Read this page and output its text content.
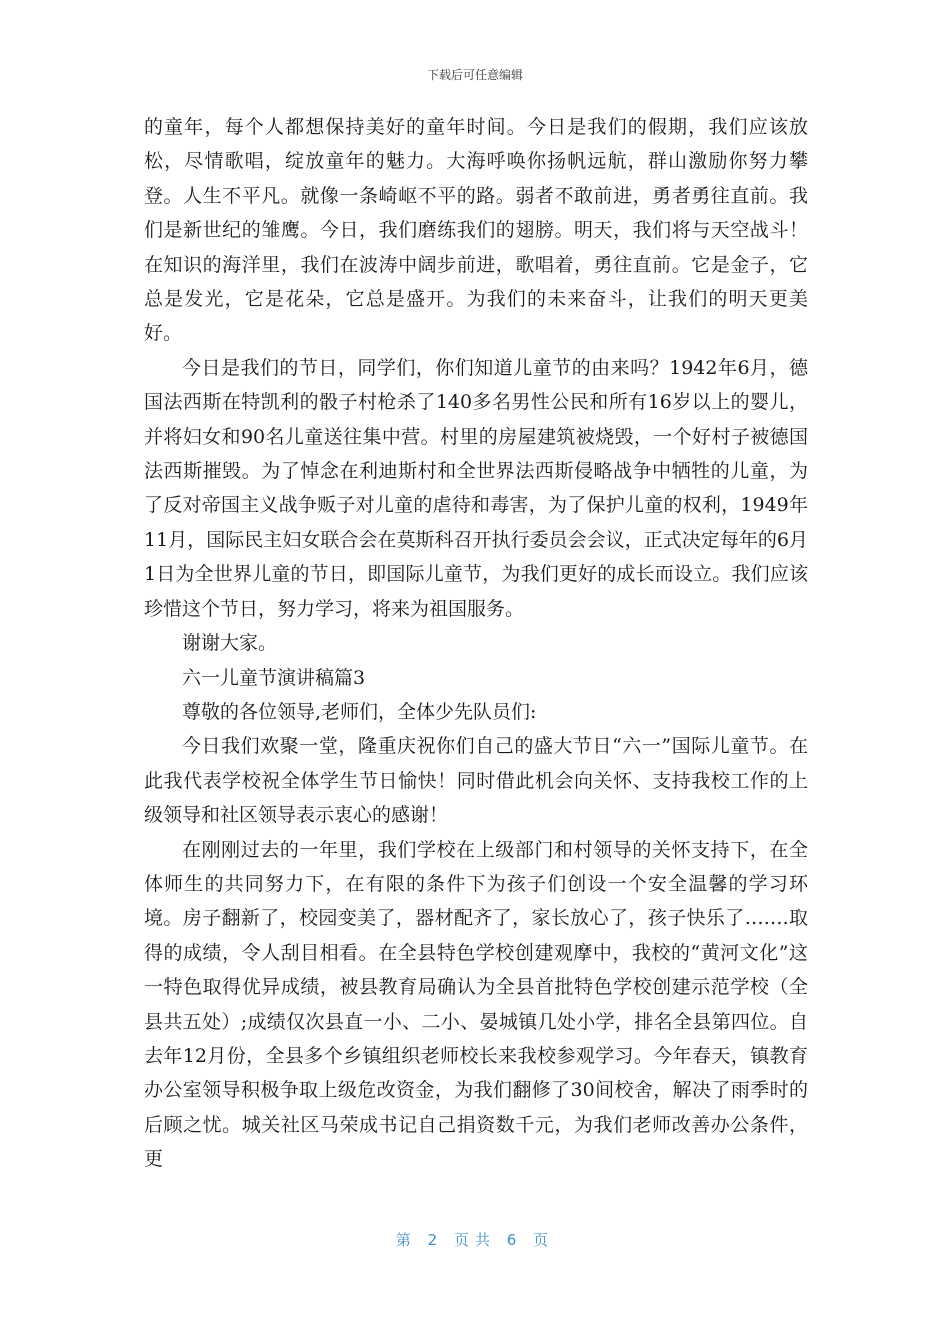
下载后可任意编辑

的童年，每个人都想保持美好的童年时间。今日是我们的假期，我们应该放松，尽情歌唱，绽放童年的魅力。大海呼唤你扬帆远航，群山激励你努力攀登。人生不平凡。就像一条崎岖不平的路。弱者不敢前进，勇者勇往直前。我们是新世纪的雏鹰。今日，我们磨练我们的翅膀。明天，我们将与天空战斗！在知识的海洋里，我们在波涛中阔步前进，歌唱着，勇往直前。它是金子，它总是发光，它是花朵，它总是盛开。为我们的未来奋斗，让我们的明天更美好。

今日是我们的节日，同学们，你们知道儿童节的由来吗？1942年6月，德国法西斯在特凯利的骰子村枪杀了140多名男性公民和所有16岁以上的婴儿，并将妇女和90名儿童送往集中营。村里的房屋建筑被烧毁，一个好村子被德国法西斯摧毁。为了悼念在利迪斯村和全世界法西斯侵略战争中牺牲的儿童，为了反对帝国主义战争贩子对儿童的虐待和毒害，为了保护儿童的权利，1949年11月，国际民主妇女联合会在莫斯科召开执行委员会会议，正式决定每年的6月1日为全世界儿童的节日，即国际儿童节，为我们更好的成长而设立。我们应该珍惜这个节日，努力学习，将来为祖国服务。

谢谢大家。

六一儿童节演讲稿篇3

尊敬的各位领导,老师们，全体少先队员们:

今日我们欢聚一堂，隆重庆祝你们自己的盛大节日“六一”国际儿童节。在此我代表学校祝全体学生节日愉快！同时借此机会向关怀、支持我校工作的上级领导和社区领导表示衷心的感谢！

在刚刚过去的一年里，我们学校在上级部门和村领导的关怀支持下，在全体师生的共同努力下，在有限的条件下为孩子们创设一个安全温馨的学习环境。房子翻新了，校园变美了，器材配齐了，家长放心了，孩子快乐了…….取得的成绩，令人刮目相看。在全县特色学校创建观摩中，我校的“黄河文化”这一特色取得优异成绩，被县教育局确认为全县首批特色学校创建示范学校（全县共五处）;成绩仅次县直一小、二小、晏城镇几处小学，排名全县第四位。自去年12月份，全县多个乡镇组织老师校长来我校参观学习。今年春天，镇教育办公室领导积极争取上级危改资金，为我们翻修了30间校舍，解决了雨季时的后顾之忧。城关社区马荣成书记自己捐资数千元，为我们老师改善办公条件，更

第 2 页共 6 页
